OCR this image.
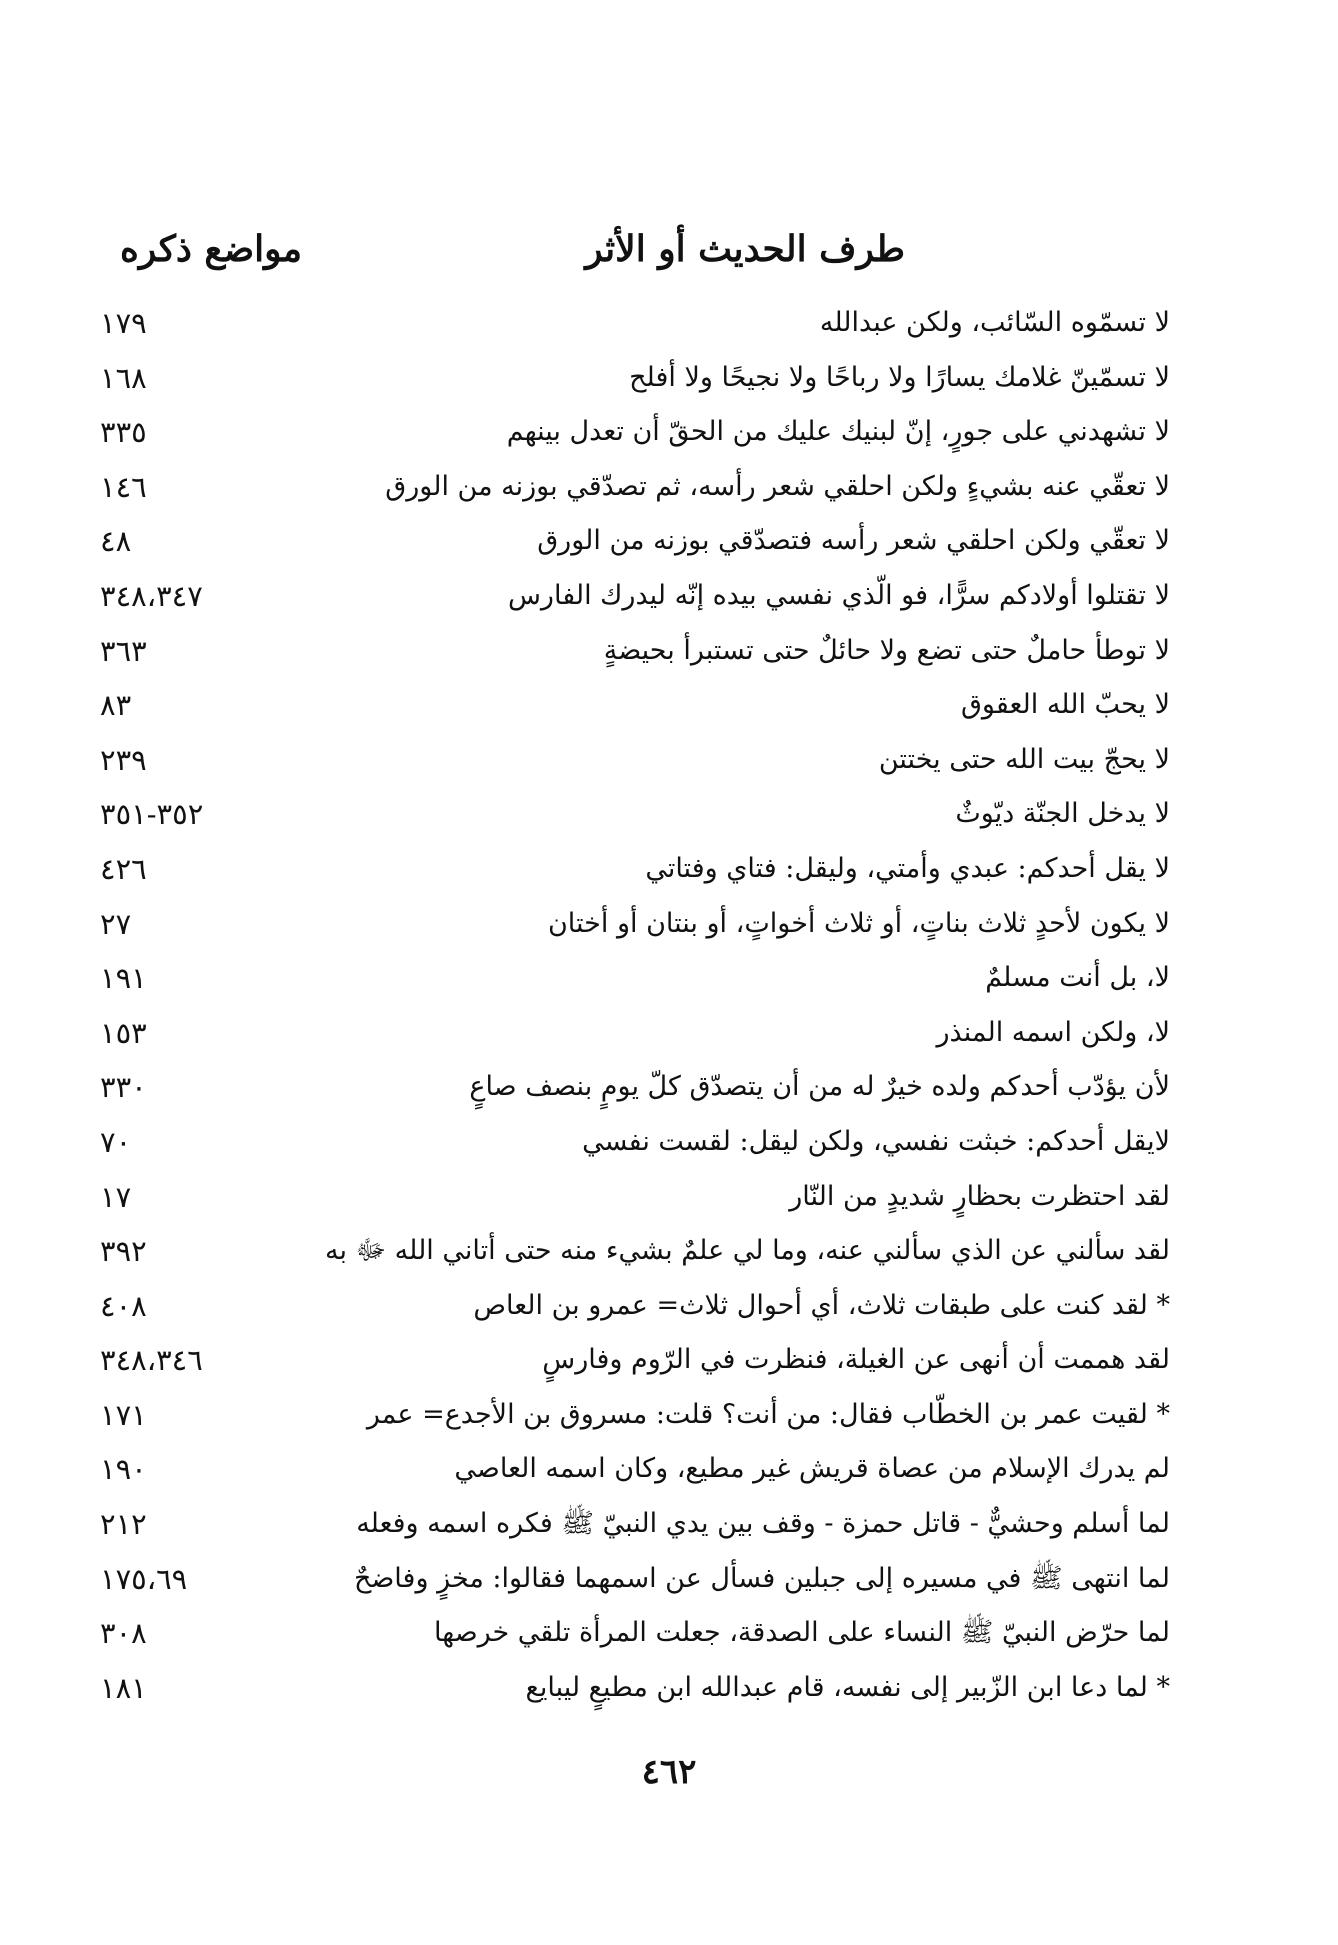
طرف الحديث أو الأثر
مواضع ذكره
لا تسمّوه السّائب، ولكن عبدالله
١٧٩
لا تسمّينّ غلامك يسارًا ولا رباحًا ولا نجيحًا ولا أفلح
١٦٨
لا تشهدني على جورٍ، إنّ لبنيك عليك من الحقّ أن تعدل بينهم
٣٣٥
لا تعقّي عنه بشيءٍ ولكن احلقي شعر رأسه، ثم تصدّقي بوزنه من الورق
١٤٦
لا تعقّي ولكن احلقي شعر رأسه فتصدّقي بوزنه من الورق
٤٨
لا تقتلوا أولادكم سرًّا، فو الّذي نفسي بيده إنّه ليدرك الفارس
٣٤٨،٣٤٧
لا توطأ حاملٌ حتى تضع ولا حائلٌ حتى تستبرأ بحيضةٍ
٣٦٣
لا يحبّ الله العقوق
٨٣
لا يحجّ بيت الله حتى يختتن
٢٣٩
لا يدخل الجنّة ديّوثٌ
٣٥٢-٣٥١
لا يقل أحدكم: عبدي وأمتي، وليقل: فتاي وفتاتي
٤٢٦
لا يكون لأحدٍ ثلاث بناتٍ، أو ثلاث أخواتٍ، أو بنتان أو أختان
٢٧
لا، بل أنت مسلمٌ
١٩١
لا، ولكن اسمه المنذر
١٥٣
لأن يؤدّب أحدكم ولده خيرٌ له من أن يتصدّق كلّ يومٍ بنصف صاعٍ
٣٣٠
لايقل أحدكم: خبثت نفسي، ولكن ليقل: لقست نفسي
٧٠
لقد احتظرت بحظارٍ شديدٍ من النّار
١٧
لقد سألني عن الذي سألني عنه، وما لي علمٌ بشيء منه حتى أتاني الله ﷻ به
٣٩٢
* لقد كنت على طبقات ثلاث، أي أحوال ثلاث= عمرو بن العاص
٤٠٨
لقد هممت أن أنهى عن الغيلة، فنظرت في الرّوم وفارسٍ
٣٤٨،٣٤٦
* لقيت عمر بن الخطّاب فقال: من أنت؟ قلت: مسروق بن الأجدع= عمر
١٧١
لم يدرك الإسلام من عصاة قريش غير مطيع، وكان اسمه العاصي
١٩٠
لما أسلم وحشيٌّ - قاتل حمزة - وقف بين يدي النبيّ ﷺ فكره اسمه وفعله
٢١٢
لما انتهى ﷺ في مسيره إلى جبلين فسأل عن اسمهما فقالوا: مخزٍ وفاضحٌ
١٧٥،٦٩
لما حرّض النبيّ ﷺ النساء على الصدقة، جعلت المرأة تلقي خرصها
٣٠٨
* لما دعا ابن الزّبير إلى نفسه، قام عبدالله ابن مطيعٍ ليبايع
١٨١
٤٦٢
